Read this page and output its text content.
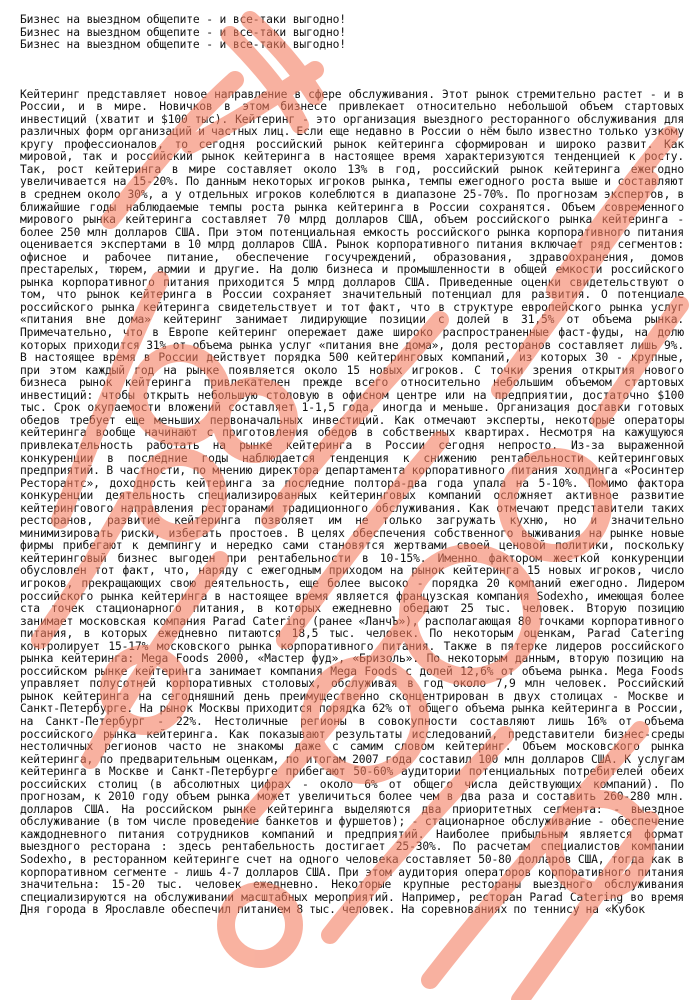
Бизнес на выездном общепите - и все-таки выгодно!
Бизнес на выездном общепите - и все-таки выгодно!
Бизнес на выездном общепите - и все-таки выгодно!

Кейтеринг представляет новое направление в сфере обслуживания. Этот рынок стремительно растет - и в России, и в мире. Новичков в этом бизнесе привлекает относительно небольшой объем стартовых инвестиций (хватит и $100 тыс). Кейтеринг - это организация выездного ресторанного обслуживания для различных форм организаций и частных лиц. Если еще недавно в России о нём было известно только узкому кругу профессионалов, то сегодня российский рынок кейтеринга сформирован и широко развит. Как мировой, так и российский рынок кейтеринга в настоящее время характеризуются тенденцией к росту. Так, рост кейтеринга в мире составляет около 13% в год, российский рынок кейтеринга ежегодно увеличивается на 15-20%. По данным некоторых игроков рынка, темпы ежегодного роста выше и составляют в среднем около 30%, а у отдельных игроков колеблются в диапазоне 25-70%. По прогнозам экспертов, в ближайшие годы наблюдаемые темпы роста рынка кейтеринга в России сохранятся. Объем современного мирового рынка кейтеринга составляет 70 млрд долларов США, объем российского рынка кейтеринга - более 250 млн долларов США. При этом потенциальная емкость российского рынка корпоративного питания оценивается экспертами в 10 млрд долларов США. Рынок корпоративного питания включает ряд сегментов: офисное и рабочее питание, обеспечение госучреждений, образования, здравоохранения, домов престарелых, тюрем, армии и другие. На долю бизнеса и промышленности в общей емкости российского рынка корпоративного питания приходится 5 млрд долларов США. Приведенные оценки свидетельствуют о том, что рынок кейтеринга в России сохраняет значительный потенциал для развития. О потенциале российского рынка кейтеринга свидетельствует и тот факт, что в структуре европейского рынка услуг «питания вне дома» кейтеринг занимает лидирующие позиции с долей в 31,5% от объема рынка. Примечательно, что в Европе кейтеринг опережает даже широко распространенные фаст-фуды, на долю которых приходится 31% от объема рынка услуг «питания вне дома», доля ресторанов составляет лишь 9%. В настоящее время в России действует порядка 500 кейтеринговых компаний, из которых 30 - крупные, при этом каждый год на рынке появляется около 15 новых игроков. С точки зрения открытия нового бизнеса рынок кейтеринга привлекателен прежде всего относительно небольшим объемом стартовых инвестиций: чтобы открыть небольшую столовую в офисном центре или на предприятии, достаточно $100 тыс. Срок окупаемости вложений составляет 1-1,5 года, иногда и меньше. Организация доставки готовых обедов требует еще меньших первоначальных инвестиций. Как отмечают эксперты, некоторые операторы кейтеринга вообще начинают с приготовления обедов в собственных квартирах. Несмотря на кажущуюся привлекательность работать на рынке кейтеринга в России сегодня непросто. Из-за выраженной конкуренции в последние годы наблюдается тенденция к снижению рентабельности кейтеринговых предприятий. В частности, по мнению директора департамента корпоративного питания холдинга «Росинтер Ресторантс», доходность кейтеринга за последние полтора-два года упала на 5-10%. Помимо фактора конкуренции деятельность специализированных кейтеринговых компаний осложняет активное развитие кейтерингового направления ресторанами традиционного обслуживания. Как отмечают представители таких ресторанов, развитие кейтеринга позволяет им не только загружать кухню, но и значительно минимизировать риски, избегать простоев. В целях обеспечения собственного выживания на рынке новые фирмы прибегают к демпингу и нередко сами становятся жертвами своей ценовой политики, поскольку кейтеринговый бизнес выгоден при рентабельности в 10-15%. Именно фактором жесткой конкуренции обусловлен тот факт, что, наряду с ежегодным приходом на рынок кейтеринга 15 новых игроков, число игроков, прекращающих свою деятельность, еще более высоко - порядка 20 компаний ежегодно. Лидером российского рынка кейтеринга в настоящее время является французская компания Sodexho, имеющая более ста точек стационарного питания, в которых ежедневно обедают 25 тыс. человек. Вторую позицию занимает московская компания Parad Catering (ранее «ЛанчЪ»), располагающая 80 точками корпоративного питания, в которых ежедневно питаются 18,5 тыс. человек. По некоторым оценкам, Parad Catering контролирует 15-17% московского рынка корпоративного питания. Также в пятерке лидеров российского рынка кейтеринга: Mega Foods 2000, «Мастер фуд», «Бризоль». По некоторым данным, вторую позицию на российском рынке кейтеринга занимает компания Mega Foods с долей 12,6% от объема рынка. Mega Foods управляет полусотней корпоративных столовых, обслуживая в год около 7,9 млн человек. Российский рынок кейтеринга на сегодняшний день преимущественно сконцентрирован в двух столицах - Москве и Санкт-Петербурге. На рынок Москвы приходится порядка 62% от общего объема рынка кейтеринга в России, на Санкт-Петербург - 22%. Нестоличные регионы в совокупности составляют лишь 16% от объема российского рынка кейтеринга. Как показывают результаты исследований, представители бизнес-среды нестоличных регионов часто не знакомы даже с самим словом кейтеринг. Объем московского рынка кейтеринга, по предварительным оценкам, по итогам 2007 года составил 100 млн долларов США. К услугам кейтеринга в Москве и Санкт-Петербурге прибегают 50-60% аудитории потенциальных потребителей обеих российских столиц (в абсолютных цифрах - около 6% от общего числа действующих компаний). По прогнозам, к 2010 году объем рынка может увеличиться более чем в два раза и составить 260-280 млн. долларов США. На российском рынке кейтеринга выделяются два приоритетных сегмента: - выездное обслуживание (в том числе проведение банкетов и фуршетов); - стационарное обслуживание - обеспечение каждодневного питания сотрудников компаний и предприятий. Наиболее прибыльным является формат выездного ресторана : здесь рентабельность достигает 25-30%. По расчетам специалистов компании Sodexho, в ресторанном кейтеринге счет на одного человека составляет 50-80 долларов США, тогда как в корпоративном сегменте - лишь 4-7 долларов США. При этом аудитория операторов корпоративного питания значительна: 15-20 тыс. человек ежедневно. Некоторые крупные рестораны выездного обслуживания специализируются на обслуживании масштабных мероприятий. Например, ресторан Parad Catering во время Дня города в Ярославле обеспечил питанием 8 тыс. человек. На соревнованиях по теннису на «Кубок
